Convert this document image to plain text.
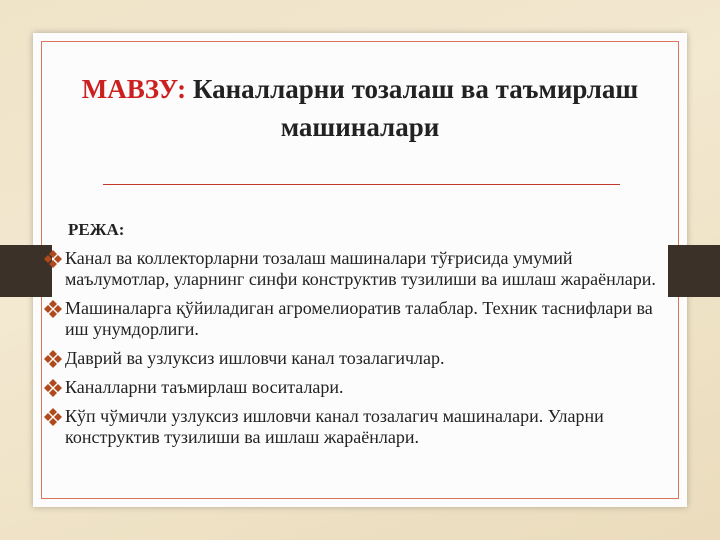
МАВЗУ: Каналларни тозалаш ва таъмирлаш машиналари
РЕЖА:
Канал ва коллекторларни тозалаш машиналари тўғрисида умумий маълумотлар, уларнинг синфи конструктив тузилиши ва ишлаш жараёнлари.
Машиналарга қўйиладиган агромелиоратив талаблар. Техник таснифлари ва иш унумдорлиги.
Даврий ва узлуксиз ишловчи канал тозалагичлар.
Каналларни таъмирлаш воситалари.
Кўп чўмичли узлуксиз ишловчи канал тозалагич машиналари. Уларни конструктив тузилиши ва ишлаш жараёнлари.
